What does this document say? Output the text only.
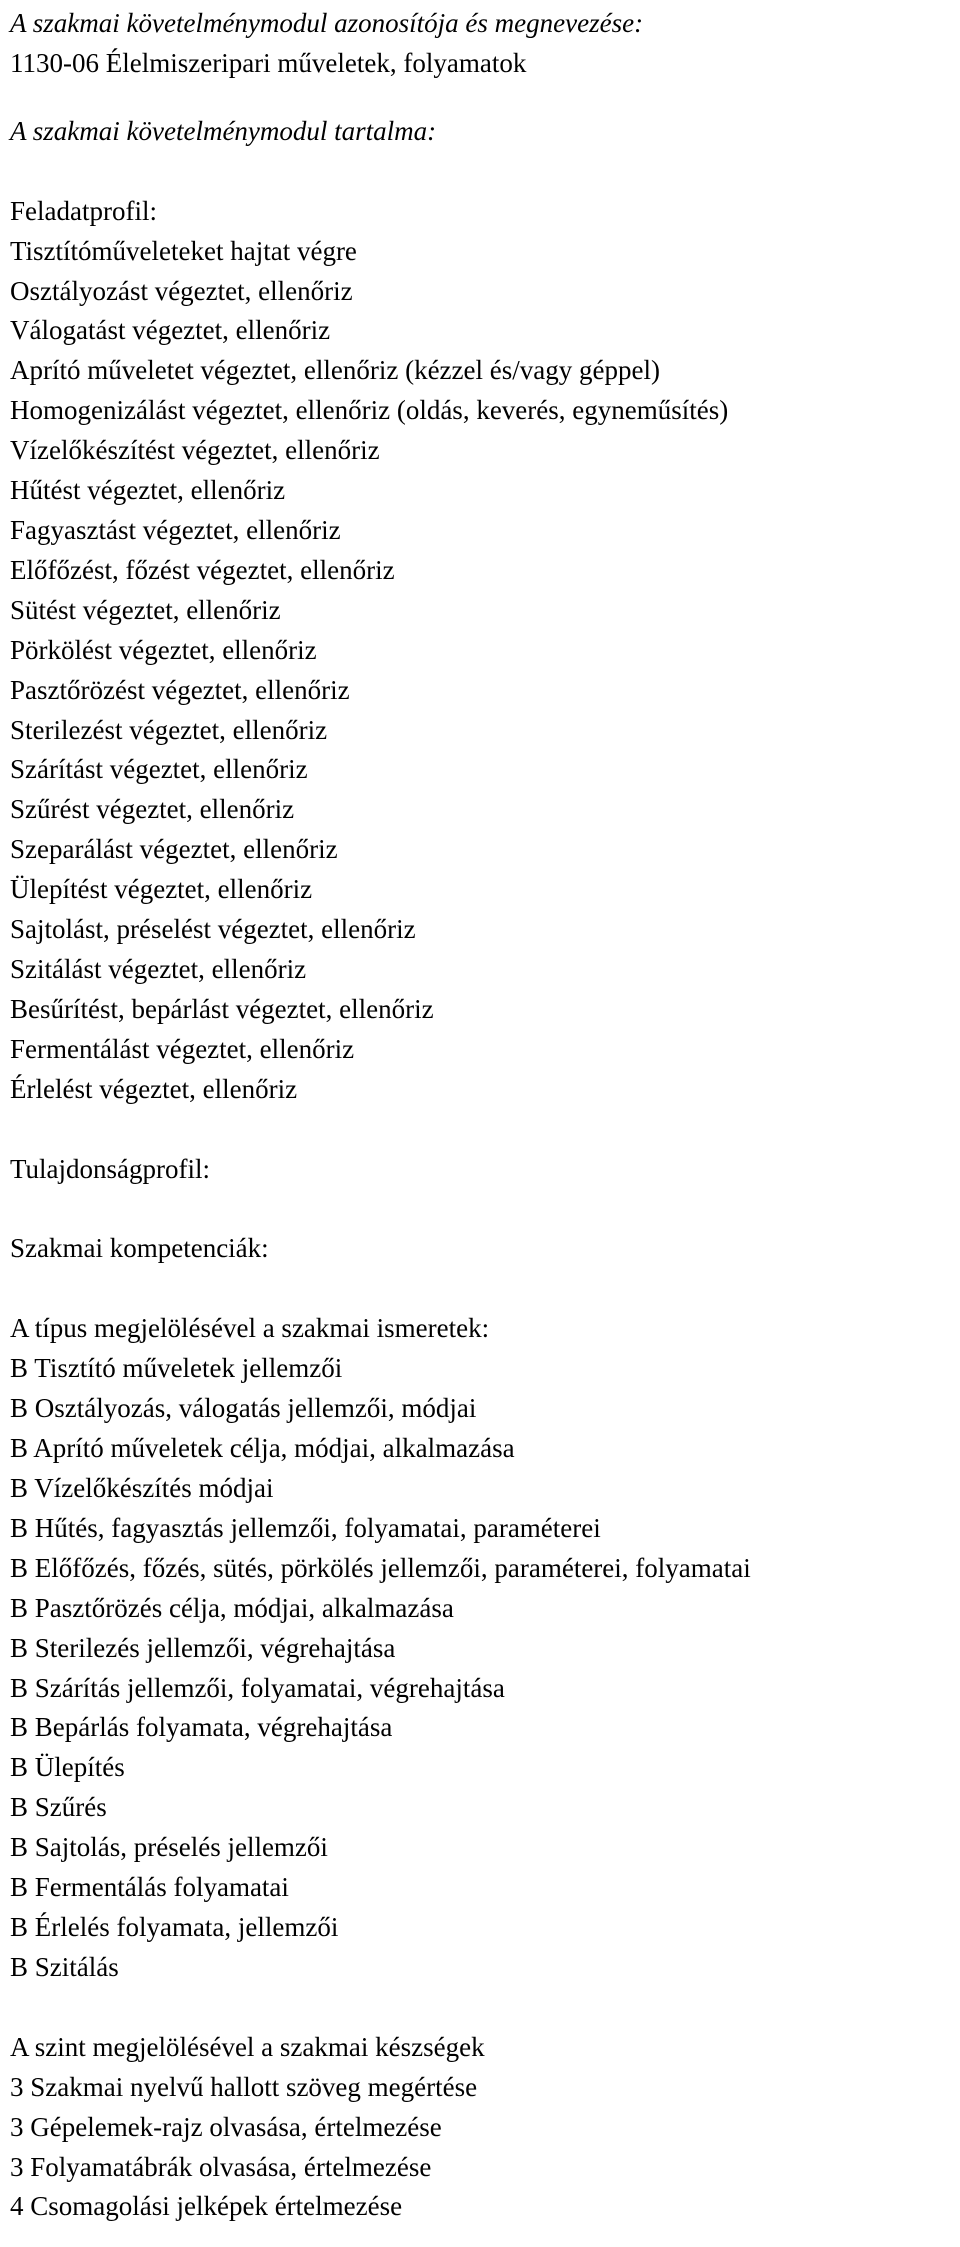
A szakmai követelménymodul azonosítója és megnevezése:
1130-06 Élelmiszeripari műveletek, folyamatok
A szakmai követelménymodul tartalma:
Feladatprofil:
Tisztítóműveleteket hajtat végre
Osztályozást végeztet, ellenőriz
Válogatást végeztet, ellenőriz
Aprító műveletet végeztet, ellenőriz (kézzel és/vagy géppel)
Homogenizálást végeztet, ellenőriz (oldás, keverés, egyneműsítés)
Vízelőkészítést végeztet, ellenőriz
Hűtést végeztet, ellenőriz
Fagyasztást végeztet, ellenőriz
Előfőzést, főzést végeztet, ellenőriz
Sütést végeztet, ellenőriz
Pörkölést végeztet, ellenőriz
Pasztőrözést végeztet, ellenőriz
Sterilezést végeztet, ellenőriz
Szárítást végeztet, ellenőriz
Szűrést végeztet, ellenőriz
Szeparálást végeztet, ellenőriz
Ülepítést végeztet, ellenőriz
Sajtolást, préselést végeztet, ellenőriz
Szitálást végeztet, ellenőriz
Besűrítést, bepárlást végeztet, ellenőriz
Fermentálást végeztet, ellenőriz
Érlelést végeztet, ellenőriz
Tulajdonságprofil:
Szakmai kompetenciák:
A típus megjelölésével a szakmai ismeretek:
B Tisztító műveletek jellemzői
B Osztályozás, válogatás jellemzői, módjai
B Aprító műveletek célja, módjai, alkalmazása
B Vízelőkészítés módjai
B Hűtés, fagyasztás jellemzői, folyamatai, paraméterei
B Előfőzés, főzés, sütés, pörkölés jellemzői, paraméterei, folyamatai
B Pasztőrözés célja, módjai, alkalmazása
B Sterilezés jellemzői, végrehajtása
B Szárítás jellemzői, folyamatai, végrehajtása
B Bepárlás folyamata, végrehajtása
B Ülepítés
B Szűrés
B Sajtolás, préselés jellemzői
B Fermentálás folyamatai
B Érlelés folyamata, jellemzői
B Szitálás
A szint megjelölésével a szakmai készségek
3 Szakmai nyelvű hallott szöveg megértése
3 Gépelemek-rajz olvasása, értelmezése
3 Folyamatábrák olvasása, értelmezése
4 Csomagolási jelképek értelmezése
